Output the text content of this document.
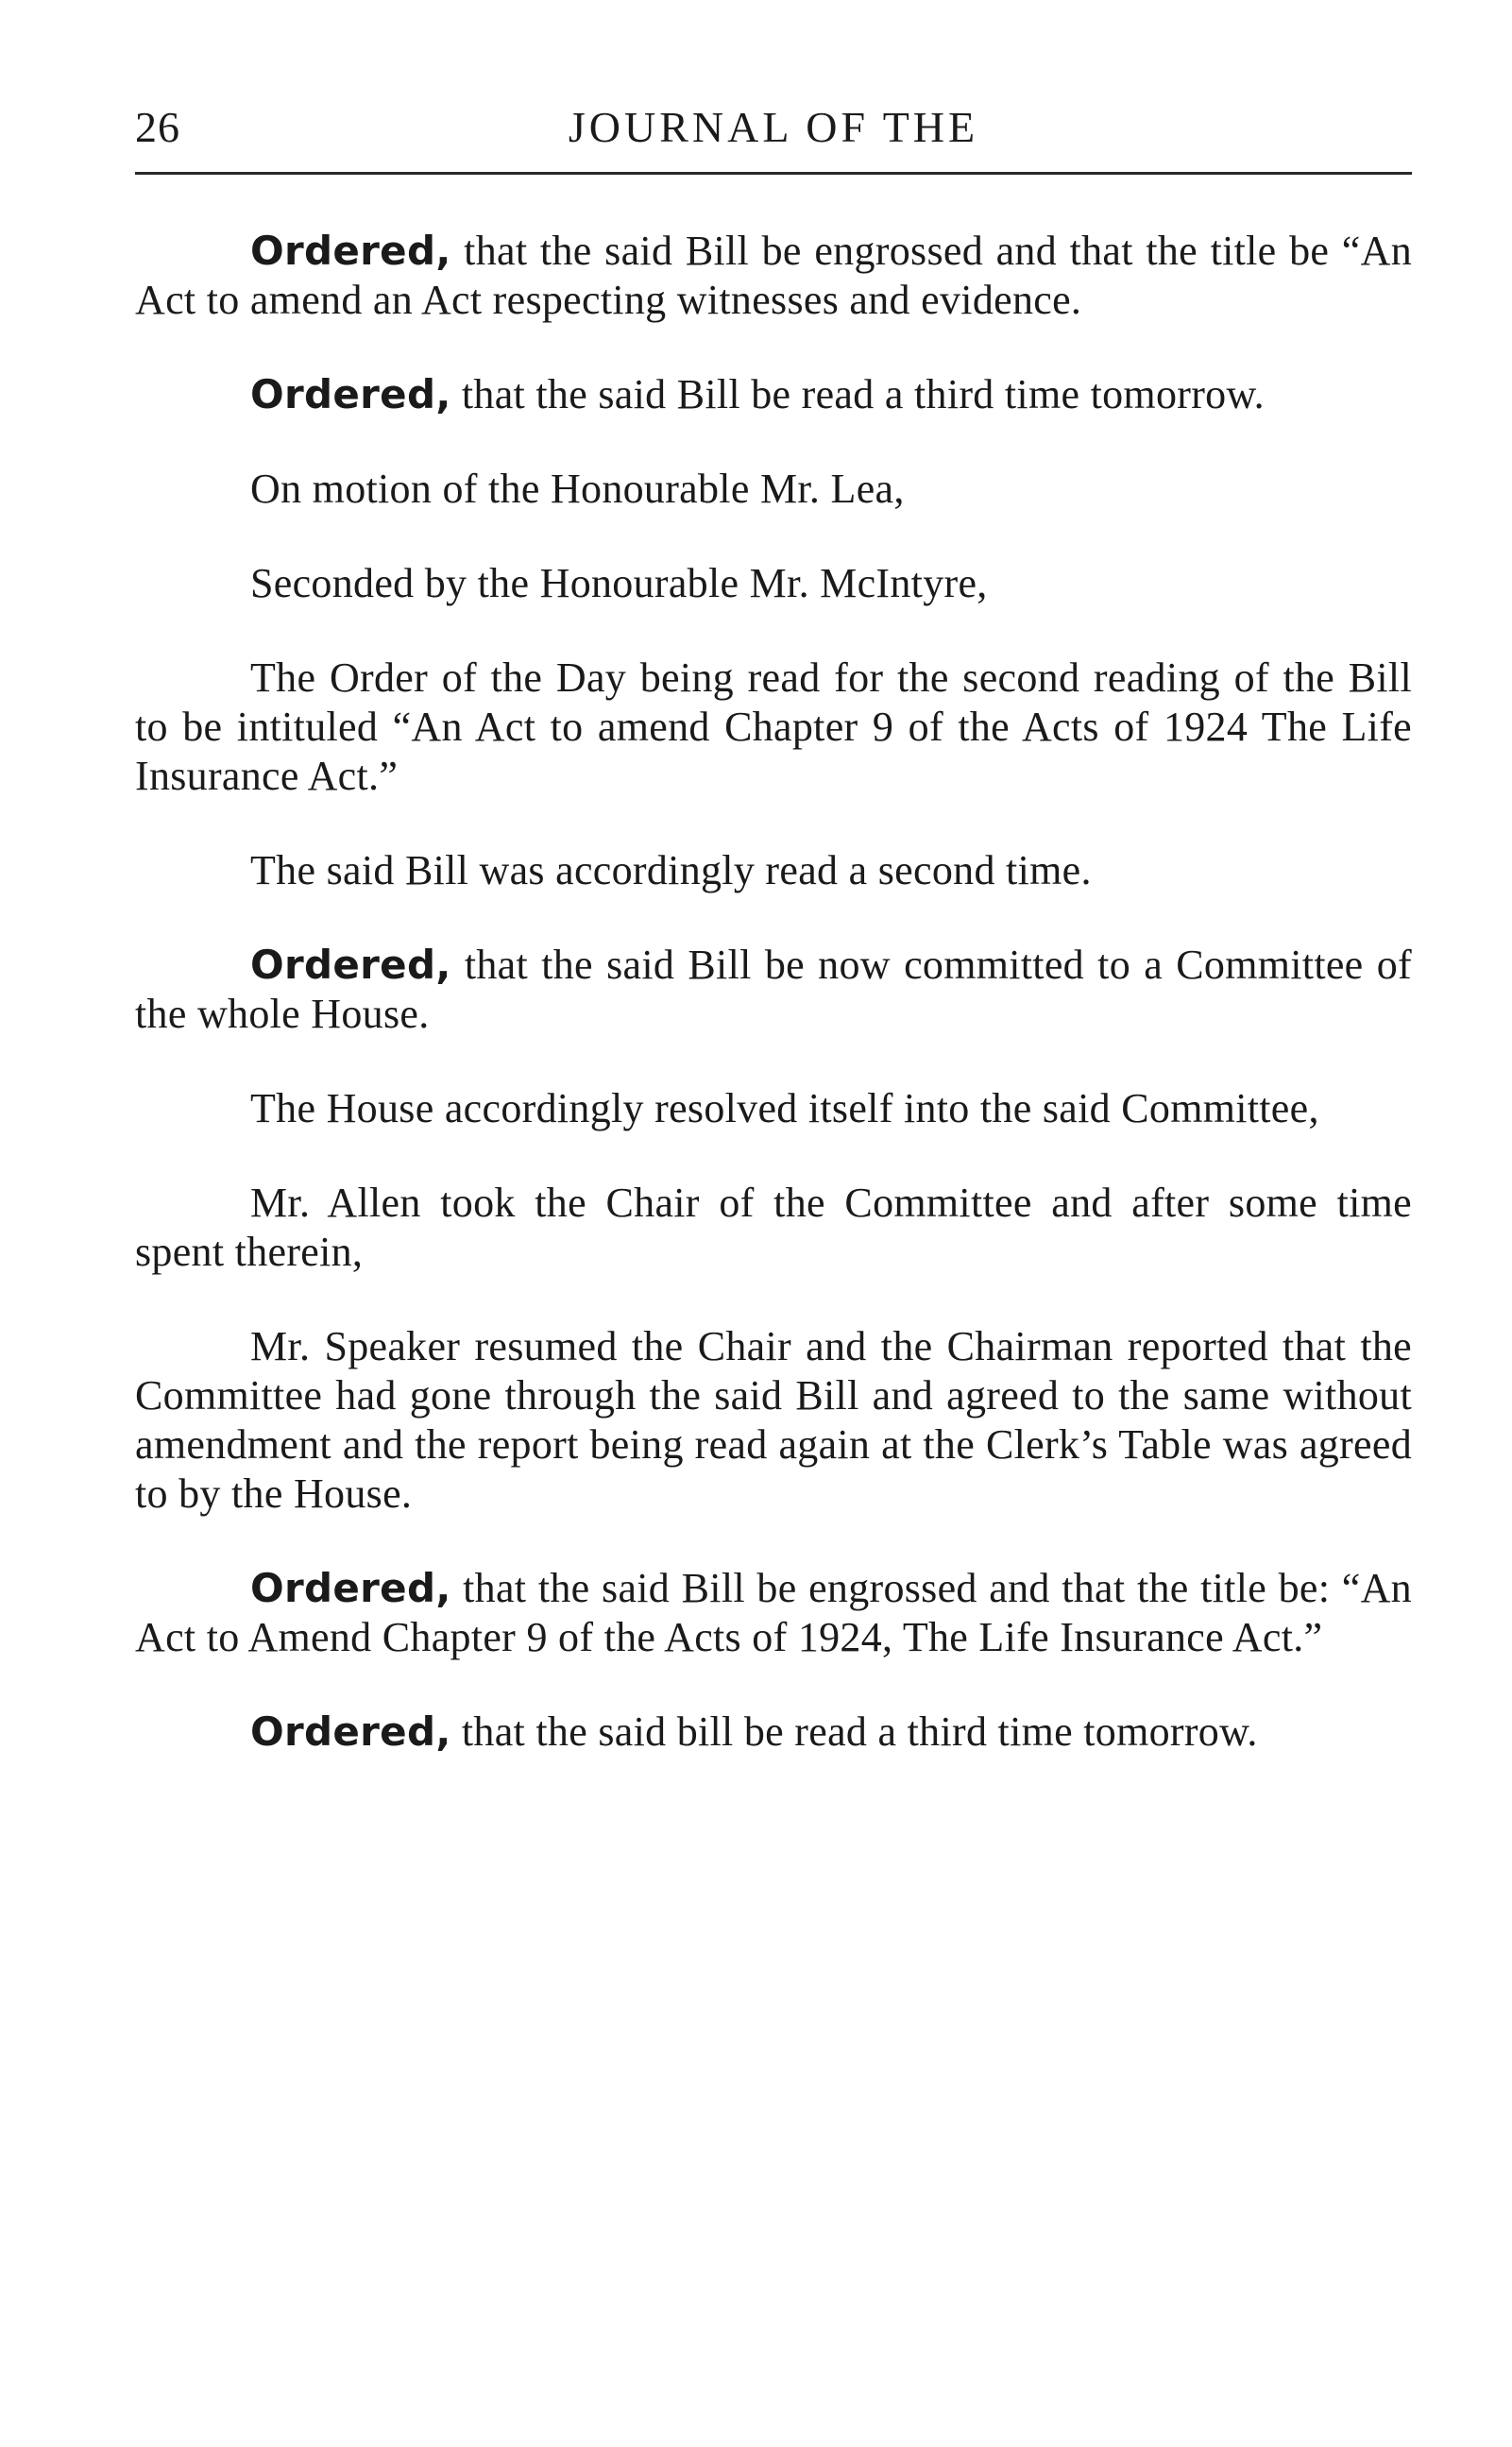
26	JOURNAL OF THE

Ordered, that the said Bill be engrossed and that the title be “An Act to amend an Act respecting witnesses and evidence.

Ordered, that the said Bill be read a third time tomorrow.

On motion of the Honourable Mr. Lea,

Seconded by the Honourable Mr. McIntyre,

The Order of the Day being read for the second reading of the Bill to be intituled “An Act to amend Chapter 9 of the Acts of 1924 The Life Insurance Act.”

The said Bill was accordingly read a second time.

Ordered, that the said Bill be now committed to a Committee of the whole House.

The House accordingly resolved itself into the said Committee,

Mr. Allen took the Chair of the Committee and after some time spent therein,

Mr. Speaker resumed the Chair and the Chairman reported that the Committee had gone through the said Bill and agreed to the same without amendment and the report being read again at the Clerk’s Table was agreed to by the House.

Ordered, that the said Bill be engrossed and that the title be: “An Act to Amend Chapter 9 of the Acts of 1924, The Life Insurance Act.”

Ordered, that the said bill be read a third time tomorrow.
